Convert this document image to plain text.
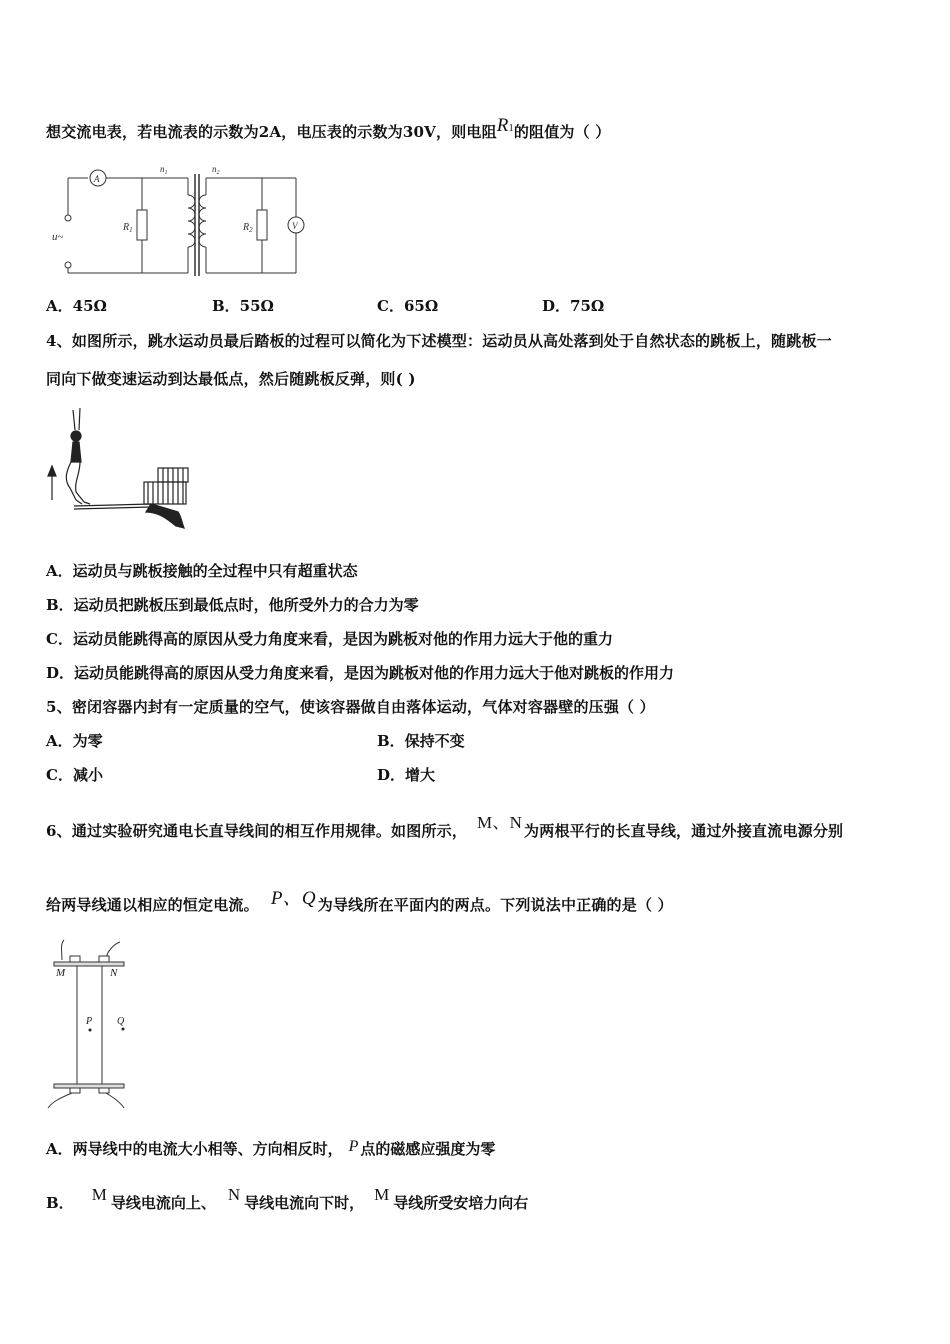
想交流电表，若电流表的示数为2A，电压表的示数为30V，则电阻R1的阻值为（ ）
A
V
$n_1$	$n_2$
u~
$R_1$	$R_2$
A．45Ω	B．55Ω	C．65Ω	D．75Ω
4、如图所示，跳水运动员最后踏板的过程可以简化为下述模型：运动员从高处落到处于自然状态的跳板上，随跳板一
同向下做变速运动到达最低点，然后随跳板反弹，则( )
A．运动员与跳板接触的全过程中只有超重状态
B．运动员把跳板压到最低点时，他所受外力的合力为零
C．运动员能跳得高的原因从受力角度来看，是因为跳板对他的作用力远大于他的重力
D．运动员能跳得高的原因从受力角度来看，是因为跳板对他的作用力远大于他对跳板的作用力
5、密闭容器内封有一定质量的空气，使该容器做自由落体运动，气体对容器壁的压强（ ）
A．为零	B．保持不变
C．减小	D．增大
6、通过实验研究通电长直导线间的相互作用规律。如图所示， M、N 为两根平行的长直导线，通过外接直流电源分别
给两导线通以相应的恒定电流。 P、Q 为导线所在平面内的两点。下列说法中正确的是（ ）
M	N
P Q
A．两导线中的电流大小相等、方向相反时， P 点的磁感应强度为零
B． M 导线电流向上、 N 导线电流向下时， M 导线所受安培力向右
